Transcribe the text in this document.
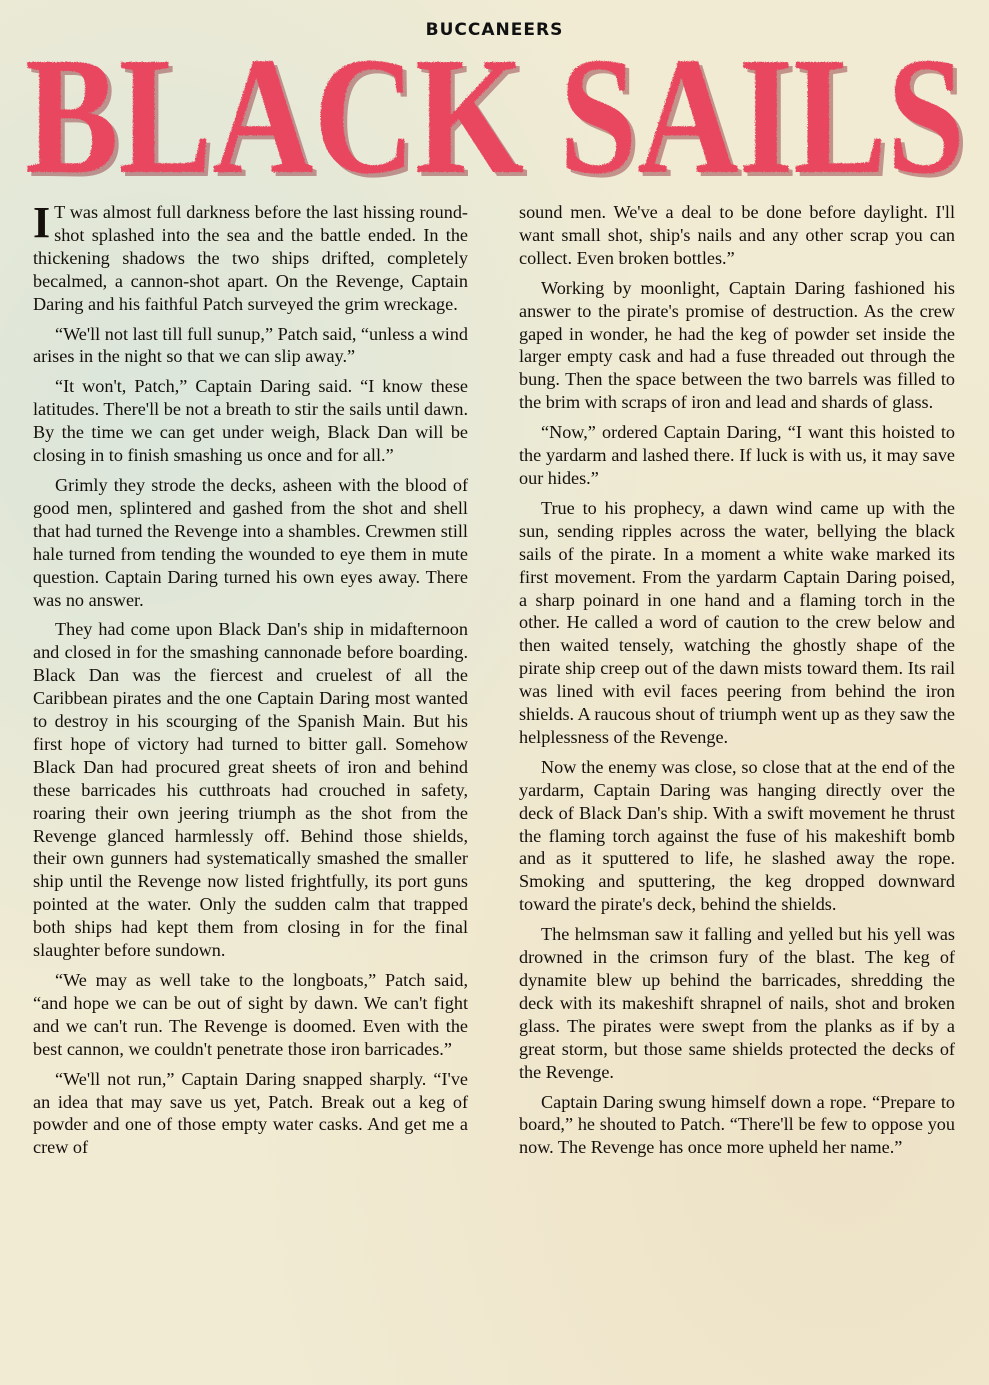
BUCCANEERS
BLACK SAILS
BLACK SAILS

I T was almost full darkness before the last hissing round-shot splashed into the sea and the battle ended. In the thickening shadows the two ships drifted, completely becalmed, a cannon-shot apart. On the Revenge, Captain Daring and his faithful Patch surveyed the grim wreckage.

“We'll not last till full sunup,” Patch said, “unless a wind arises in the night so that we can slip away.”

“It won't, Patch,” Captain Daring said. “I know these latitudes. There'll be not a breath to stir the sails until dawn. By the time we can get under weigh, Black Dan will be closing in to finish smashing us once and for all.”

Grimly they strode the decks, asheen with the blood of good men, splintered and gashed from the shot and shell that had turned the Revenge into a shambles. Crewmen still hale turned from tending the wounded to eye them in mute question. Captain Daring turned his own eyes away. There was no answer.

They had come upon Black Dan's ship in midafternoon and closed in for the smashing cannonade before boarding. Black Dan was the fiercest and cruelest of all the Caribbean pirates and the one Captain Daring most wanted to destroy in his scourging of the Spanish Main. But his first hope of victory had turned to bitter gall. Somehow Black Dan had procured great sheets of iron and behind these barricades his cutthroats had crouched in safety, roaring their own jeering triumph as the shot from the Revenge glanced harmlessly off. Behind those shields, their own gunners had systematically smashed the smaller ship until the Revenge now listed frightfully, its port guns pointed at the water. Only the sudden calm that trapped both ships had kept them from closing in for the final slaughter before sundown.

“We may as well take to the longboats,” Patch said, “and hope we can be out of sight by dawn. We can't fight and we can't run. The Revenge is doomed. Even with the best cannon, we couldn't penetrate those iron barricades.”

“We'll not run,” Captain Daring snapped sharply. “I've an idea that may save us yet, Patch. Break out a keg of powder and one of those empty water casks. And get me a crew of

sound men. We've a deal to be done before daylight. I'll want small shot, ship's nails and any other scrap you can collect. Even broken bottles.”

Working by moonlight, Captain Daring fashioned his answer to the pirate's promise of destruction. As the crew gaped in wonder, he had the keg of powder set inside the larger empty cask and had a fuse threaded out through the bung. Then the space between the two barrels was filled to the brim with scraps of iron and lead and shards of glass.

“Now,” ordered Captain Daring, “I want this hoisted to the yardarm and lashed there. If luck is with us, it may save our hides.”

True to his prophecy, a dawn wind came up with the sun, sending ripples across the water, bellying the black sails of the pirate. In a moment a white wake marked its first movement. From the yardarm Captain Daring poised, a sharp poinard in one hand and a flaming torch in the other. He called a word of caution to the crew below and then waited tensely, watching the ghostly shape of the pirate ship creep out of the dawn mists toward them. Its rail was lined with evil faces peering from behind the iron shields. A raucous shout of triumph went up as they saw the helplessness of the Revenge.

Now the enemy was close, so close that at the end of the yardarm, Captain Daring was hanging directly over the deck of Black Dan's ship. With a swift movement he thrust the flaming torch against the fuse of his makeshift bomb and as it sputtered to life, he slashed away the rope. Smoking and sputtering, the keg dropped downward toward the pirate's deck, behind the shields.

The helmsman saw it falling and yelled but his yell was drowned in the crimson fury of the blast. The keg of dynamite blew up behind the barricades, shredding the deck with its makeshift shrapnel of nails, shot and broken glass. The pirates were swept from the planks as if by a great storm, but those same shields protected the decks of the Revenge.

Captain Daring swung himself down a rope. “Prepare to board,” he shouted to Patch. “There'll be few to oppose you now. The Revenge has once more upheld her name.”
